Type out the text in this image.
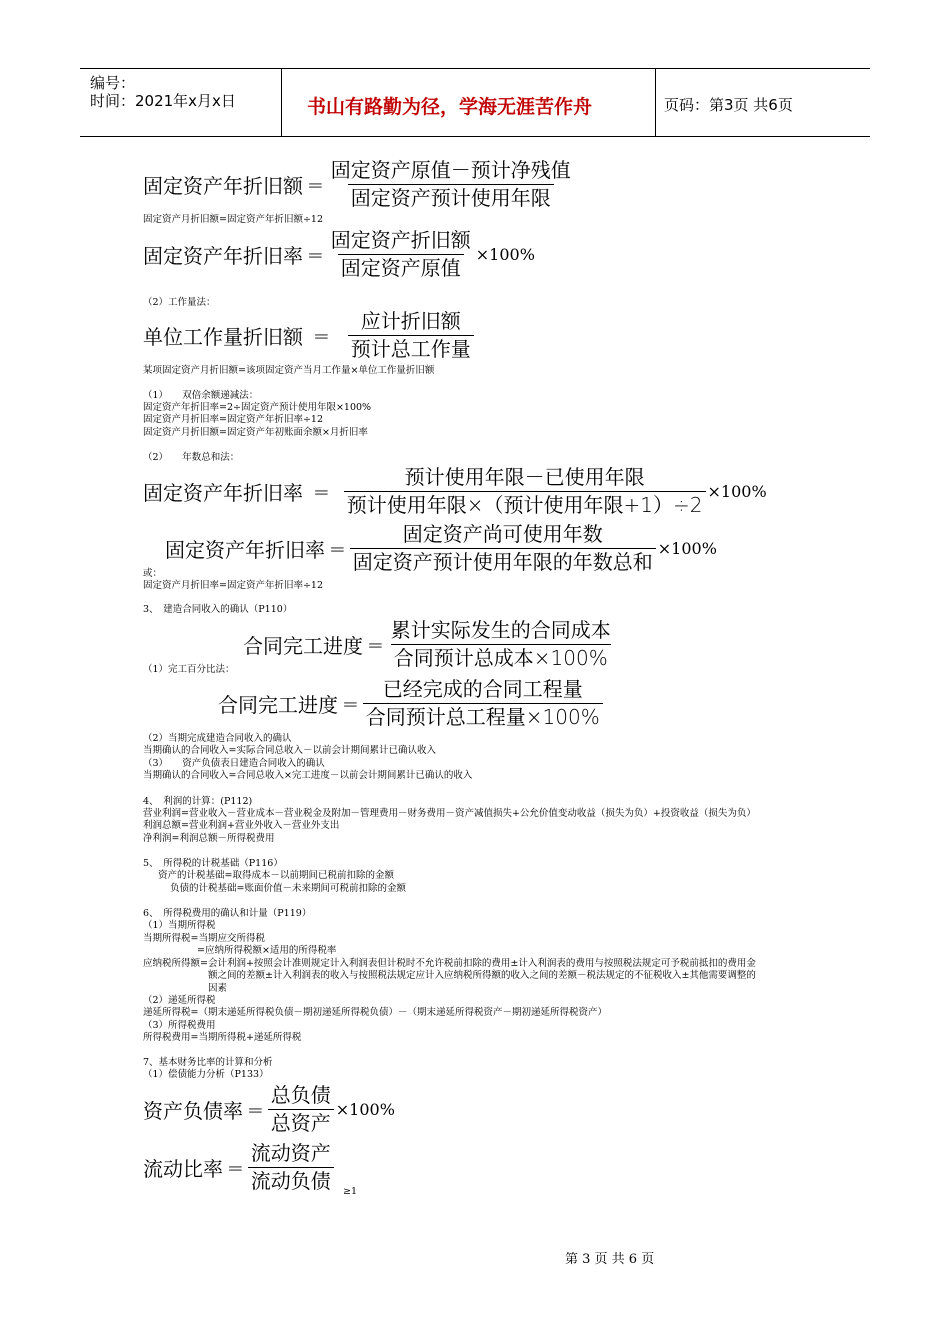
编号：
时间：2021年x月x日	书山有路勤为径，学海无涯苦作舟	页码：第3页 共6页
固定资产年折旧额 = $\frac{\text{固定资产原值－预计净残值}}{\text{固定资产预计使用年限}}$
固定资产月折旧额=固定资产年折旧额÷12
固定资产年折旧率 = $\frac{\text{固定资产折旧额}}{\text{固定资产原值}} \times 100\%$
（2）工作量法：
单位工作量折旧额 = $\frac{\text{应计折旧额}}{\text{预计总工作量}}$
某项固定资产月折旧额=该项固定资产当月工作量×单位工作量折旧额
（1）　　双倍余额递减法：
固定资产年折旧率=2÷固定资产预计使用年限×100%
固定资产月折旧率=固定资产年折旧率÷12
固定资产月折旧额=固定资产年初账面余额×月折旧率
（2）　　年数总和法：
固定资产年折旧率 = $\frac{\text{预计使用年限－已使用年限}}{\text{预计使用年限×（预计使用年限+1）÷2}} \times 100\%$
固定资产年折旧率 = $\frac{\text{固定资产尚可使用年数}}{\text{固定资产预计使用年限的年数总和}} \times 100\%$
或：
固定资产月折旧率=固定资产年折旧率÷12
3、　建造合同收入的确认（P110）
合同完工进度 = $\frac{\text{累计实际发生的合同成本}}{\text{合同预计总成本×100\%}}$
（1）完工百分比法：
合同完工进度 = $\frac{\text{已经完成的合同工程量}}{\text{合同预计总工程量×100\%}}$
（2）当期完成建造合同收入的确认
当期确认的合同收入=实际合同总收入－以前会计期间累计已确认收入
（3）　　资产负债表日建造合同收入的确认
当期确认的合同收入=合同总收入×完工进度－以前会计期间累计已确认的收入
4、　利润的计算：(P112)
营业利润=营业收入－营业成本－营业税金及附加－管理费用－财务费用－资产减值损失+公允价值变动收益（损失为负）+投资收益（损失为负）
利润总额=营业利润+营业外收入－营业外支出
净利润=利润总额－所得税费用
5、　所得税的计税基础（P116）
资产的计税基础=取得成本－以前期间已税前扣除的金额
负债的计税基础=账面价值－未来期间可税前扣除的金额
6、　所得税费用的确认和计量（P119）
（1）当期所得税
当期所得税=当期应交所得税
=应纳所得税额×适用的所得税率
应纳税所得额=会计利润+按照会计准则规定计入利润表但计税时不允许税前扣除的费用±计入利润表的费用与按照税法规定可予税前抵扣的费用金
额之间的差额±计入利润表的收入与按照税法规定应计入应纳税所得额的收入之间的差额－税法规定的不征税收入±其他需要调整的
因素
（2）递延所得税
递延所得税=（期末递延所得税负债－期初递延所得税负债）－（期末递延所得税资产－期初递延所得税资产）
（3）所得税费用
所得税费用=当期所得税+递延所得税
7、基本财务比率的计算和分析
（1）偿债能力分析（P133）
资产负债率 = $\frac{\text{总负债}}{\text{总资产}} \times 100\%$
流动比率 = $\frac{\text{流动资产}}{\text{流动负债}} \ge 1$
第 3 页 共 6 页
